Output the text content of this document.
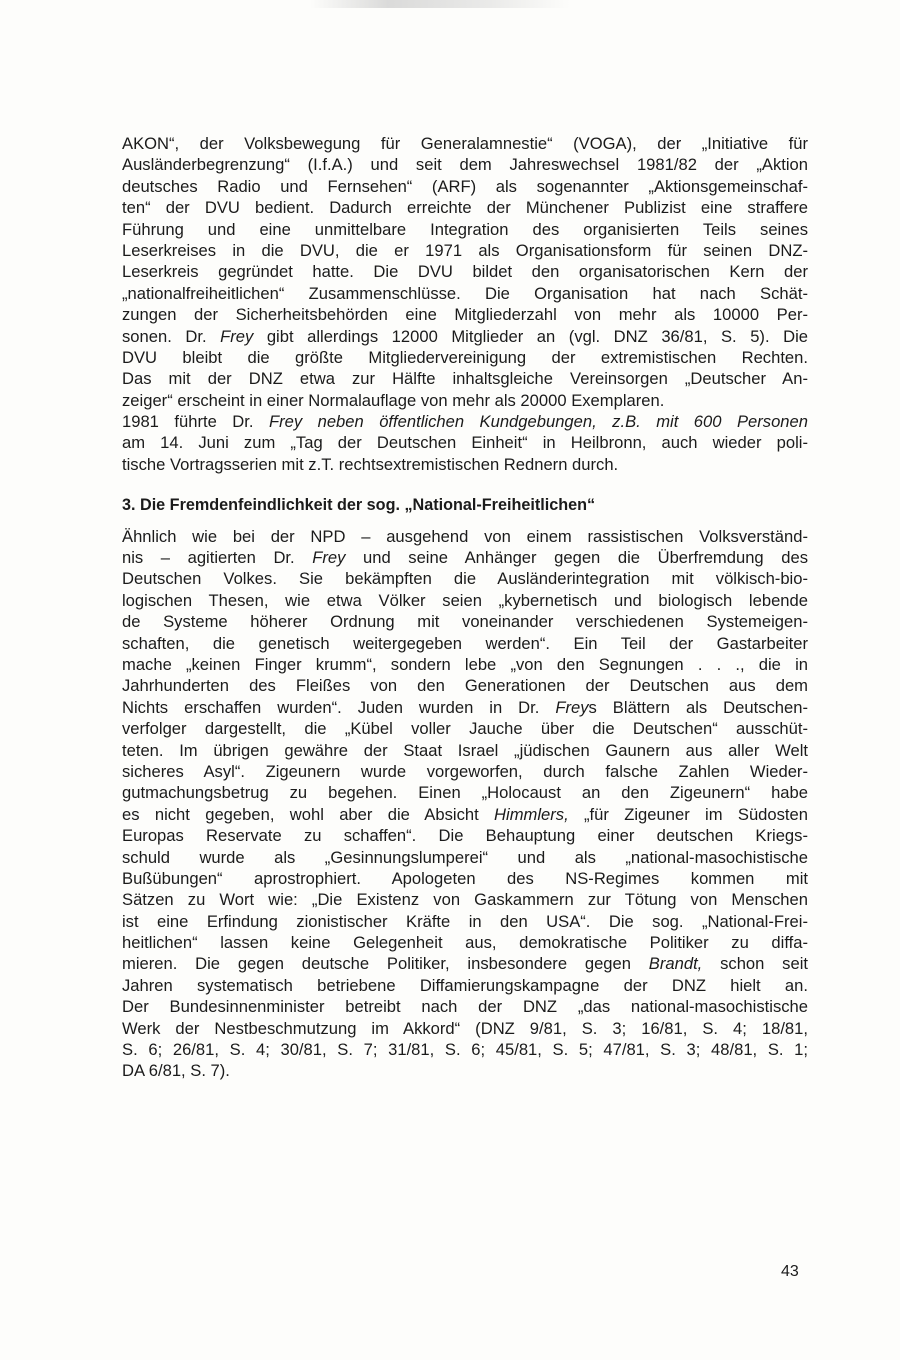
AKON“, der Volksbewegung für Generalamnestie“ (VOGA), der „Initiative für
Ausländerbegrenzung“ (I.f.A.) und seit dem Jahreswechsel 1981/82 der „Aktion
deutsches Radio und Fernsehen“ (ARF) als sogenannter „Aktionsgemeinschaf-
ten“ der DVU bedient. Dadurch erreichte der Münchener Publizist eine straffere
Führung und eine unmittelbare Integration des organisierten Teils seines
Leserkreises in die DVU, die er 1971 als Organisationsform für seinen DNZ-
Leserkreis gegründet hatte. Die DVU bildet den organisatorischen Kern der
„nationalfreiheitlichen“ Zusammenschlüsse. Die Organisation hat nach Schät-
zungen der Sicherheitsbehörden eine Mitgliederzahl von mehr als 10000 Per-
sonen. Dr. Frey gibt allerdings 12000 Mitglieder an (vgl. DNZ 36/81, S. 5). Die
DVU bleibt die größte Mitgliedervereinigung der extremistischen Rechten.
Das mit der DNZ etwa zur Hälfte inhaltsgleiche Vereinsorgen „Deutscher An-
zeiger“ erscheint in einer Normalauflage von mehr als 20000 Exemplaren.
1981 führte Dr. Frey neben öffentlichen Kundgebungen, z.B. mit 600 Personen
am 14. Juni zum „Tag der Deutschen Einheit“ in Heilbronn, auch wieder poli-
tische Vortragsserien mit z.T. rechtsextremistischen Rednern durch.
3. Die Fremdenfeindlichkeit der sog. „National-Freiheitlichen“
Ähnlich wie bei der NPD – ausgehend von einem rassistischen Volksverständ-
nis – agitierten Dr. Frey und seine Anhänger gegen die Überfremdung des
Deutschen Volkes. Sie bekämpften die Ausländerintegration mit völkisch-bio-
logischen Thesen, wie etwa Völker seien „kybernetisch und biologisch lebende
de Systeme höherer Ordnung mit voneinander verschiedenen Systemeigen-
schaften, die genetisch weitergegeben werden“. Ein Teil der Gastarbeiter
mache „keinen Finger krumm“, sondern lebe „von den Segnungen . . ., die in
Jahrhunderten des Fleißes von den Generationen der Deutschen aus dem
Nichts erschaffen wurden“. Juden wurden in Dr. Freys Blättern als Deutschen-
verfolger dargestellt, die „Kübel voller Jauche über die Deutschen“ ausschüt-
teten. Im übrigen gewähre der Staat Israel „jüdischen Gaunern aus aller Welt
sicheres Asyl“. Zigeunern wurde vorgeworfen, durch falsche Zahlen Wieder-
gutmachungsbetrug zu begehen. Einen „Holocaust an den Zigeunern“ habe
es nicht gegeben, wohl aber die Absicht Himmlers, „für Zigeuner im Südosten
Europas Reservate zu schaffen“. Die Behauptung einer deutschen Kriegs-
schuld wurde als „Gesinnungslumperei“ und als „national-masochistische
Bußübungen“ aprostrophiert. Apologeten des NS-Regimes kommen mit
Sätzen zu Wort wie: „Die Existenz von Gaskammern zur Tötung von Menschen
ist eine Erfindung zionistischer Kräfte in den USA“. Die sog. „National-Frei-
heitlichen“ lassen keine Gelegenheit aus, demokratische Politiker zu diffa-
mieren. Die gegen deutsche Politiker, insbesondere gegen Brandt, schon seit
Jahren systematisch betriebene Diffamierungskampagne der DNZ hielt an.
Der Bundesinnenminister betreibt nach der DNZ „das national-masochistische
Werk der Nestbeschmutzung im Akkord“ (DNZ 9/81, S. 3; 16/81, S. 4; 18/81,
S. 6; 26/81, S. 4; 30/81, S. 7; 31/81, S. 6; 45/81, S. 5; 47/81, S. 3; 48/81, S. 1;
DA 6/81, S. 7).
43
